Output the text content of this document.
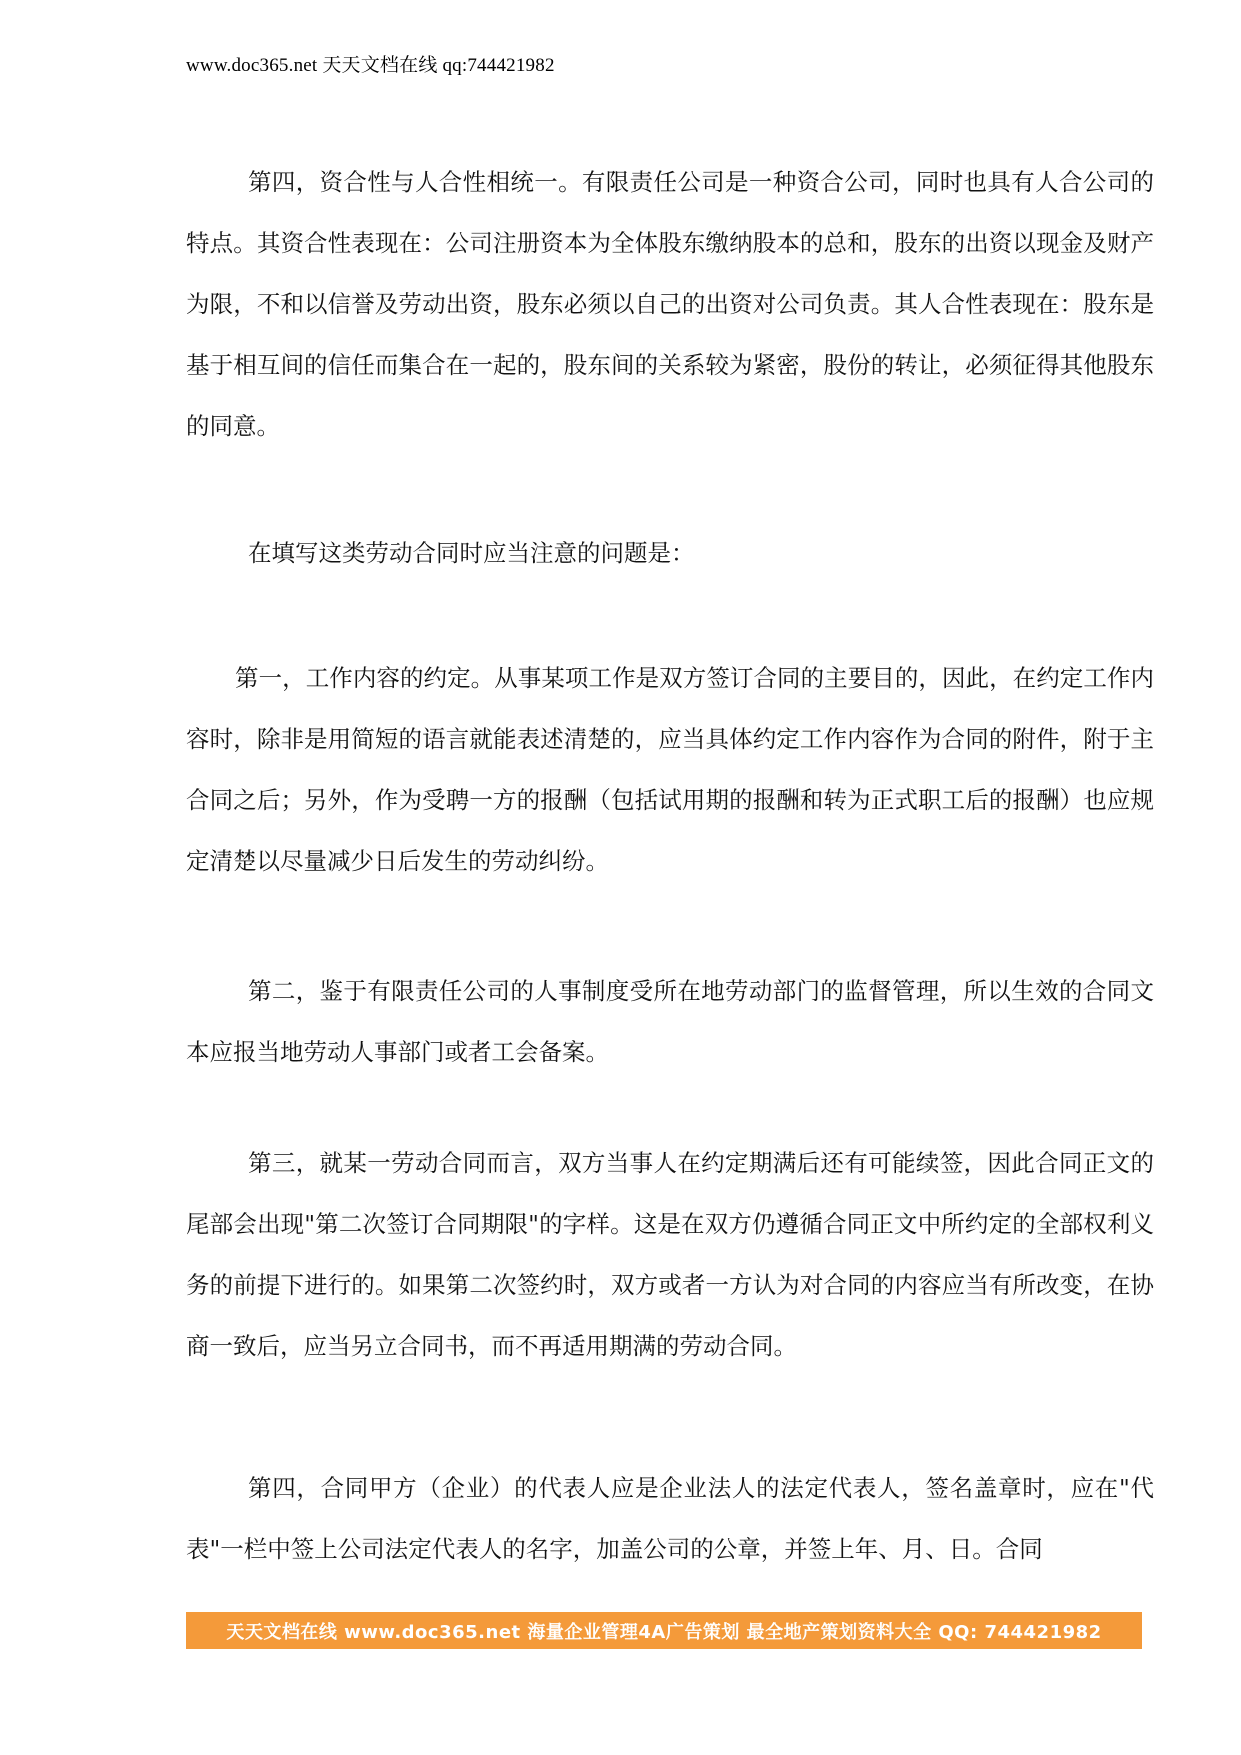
www.doc365.net 天天文档在线 qq:744421982
第四，资合性与人合性相统一。有限责任公司是一种资合公司，同时也具有人合公司的特点。其资合性表现在：公司注册资本为全体股东缴纳股本的总和，股东的出资以现金及财产为限，不和以信誉及劳动出资，股东必须以自己的出资对公司负责。其人合性表现在：股东是基于相互间的信任而集合在一起的，股东间的关系较为紧密，股份的转让，必须征得其他股东的同意。
在填写这类劳动合同时应当注意的问题是：
第一，工作内容的约定。从事某项工作是双方签订合同的主要目的，因此，在约定工作内容时，除非是用简短的语言就能表述清楚的，应当具体约定工作内容作为合同的附件，附于主合同之后；另外，作为受聘一方的报酬（包括试用期的报酬和转为正式职工后的报酬）也应规定清楚以尽量减少日后发生的劳动纠纷。
第二，鉴于有限责任公司的人事制度受所在地劳动部门的监督管理，所以生效的合同文本应报当地劳动人事部门或者工会备案。
第三，就某一劳动合同而言，双方当事人在约定期满后还有可能续签，因此合同正文的尾部会出现"第二次签订合同期限"的字样。这是在双方仍遵循合同正文中所约定的全部权利义务的前提下进行的。如果第二次签约时，双方或者一方认为对合同的内容应当有所改变，在协商一致后，应当另立合同书，而不再适用期满的劳动合同。
第四，合同甲方（企业）的代表人应是企业法人的法定代表人，签名盖章时，应在"代表"一栏中签上公司法定代表人的名字，加盖公司的公章，并签上年、月、日。合同
天天文档在线 www.doc365.net 海量企业管理4A广告策划 最全地产策划资料大全 QQ: 744421982
